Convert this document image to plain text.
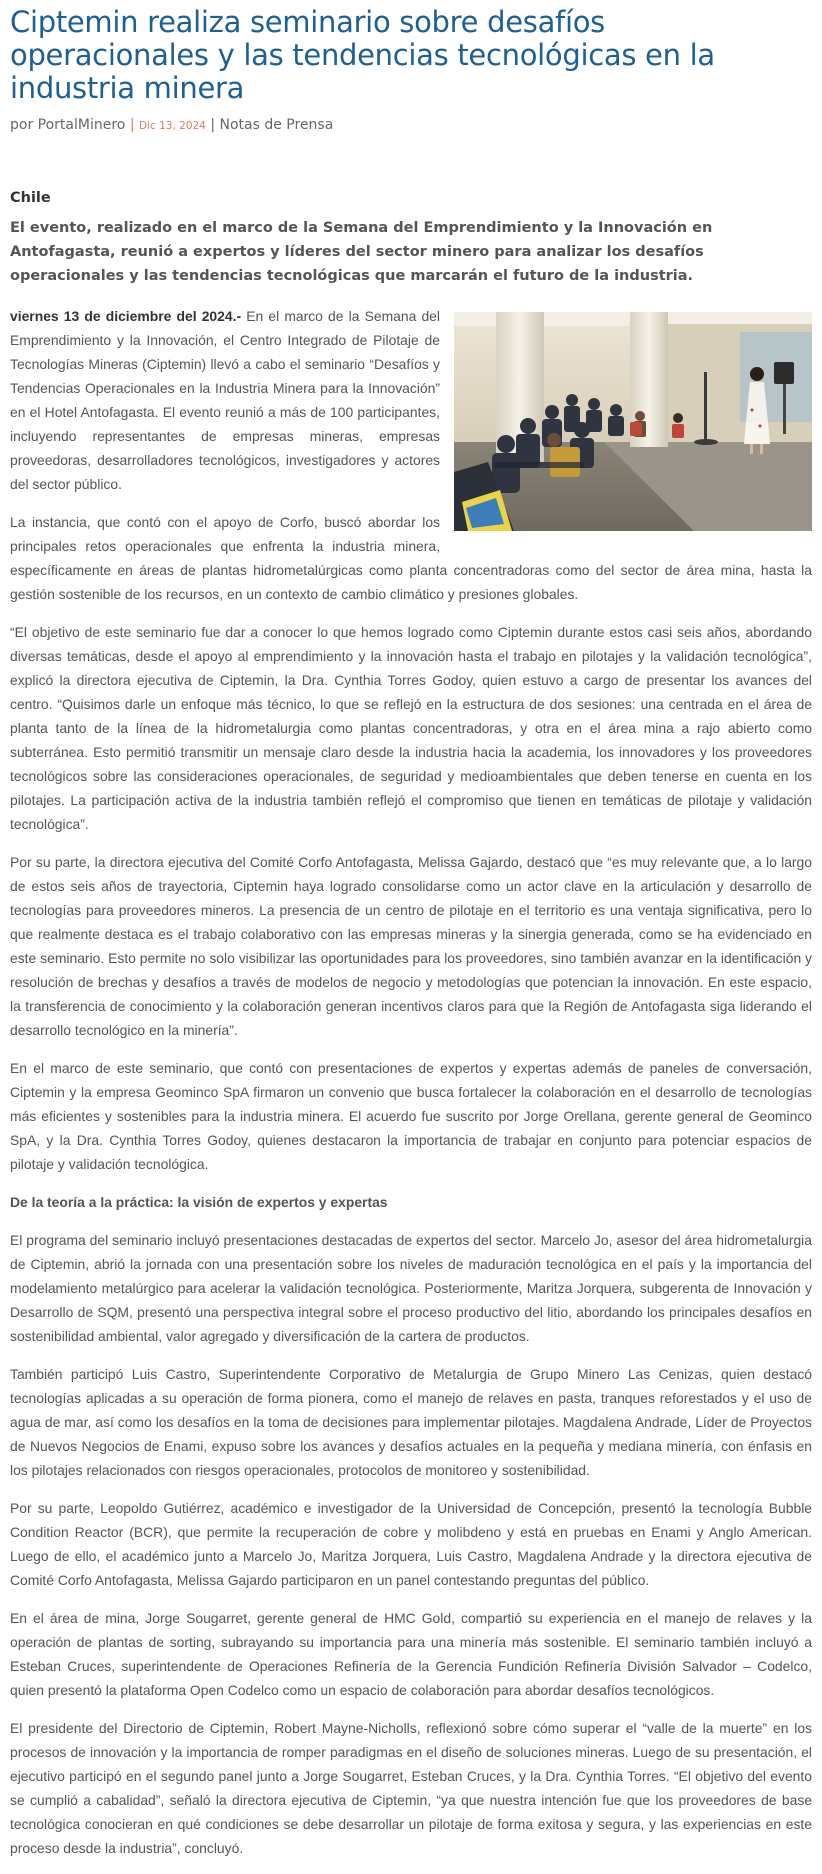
Ciptemin realiza seminario sobre desafíos operacionales y las tendencias tecnológicas en la industria minera
por PortalMinero | Dic 13, 2024 | Notas de Prensa
Chile
El evento, realizado en el marco de la Semana del Emprendimiento y la Innovación en Antofagasta, reunió a expertos y líderes del sector minero para analizar los desafíos operacionales y las tendencias tecnológicas que marcarán el futuro de la industria.

viernes 13 de diciembre del 2024.- En el marco de la Semana del Emprendimiento y la Innovación, el Centro Integrado de Pilotaje de Tecnologías Mineras (Ciptemin) llevó a cabo el seminario “Desafíos y Tendencias Operacionales en la Industria Minera para la Innovación” en el Hotel Antofagasta. El evento reunió a más de 100 participantes, incluyendo representantes de empresas mineras, empresas proveedoras, desarrolladores tecnológicos, investigadores y actores del sector público.

La instancia, que contó con el apoyo de Corfo, buscó abordar los principales retos operacionales que enfrenta la industria minera, específicamente en áreas de plantas hidrometalúrgicas como planta concentradoras como del sector de área mina, hasta la gestión sostenible de los recursos, en un contexto de cambio climático y presiones globales.

“El objetivo de este seminario fue dar a conocer lo que hemos logrado como Ciptemin durante estos casi seis años, abordando diversas temáticas, desde el apoyo al emprendimiento y la innovación hasta el trabajo en pilotajes y la validación tecnológica”, explicó la directora ejecutiva de Ciptemin, la Dra. Cynthia Torres Godoy, quien estuvo a cargo de presentar los avances del centro. “Quisimos darle un enfoque más técnico, lo que se reflejó en la estructura de dos sesiones: una centrada en el área de planta tanto de la línea de la hidrometalurgia como plantas concentradoras, y otra en el área mina a rajo abierto como subterránea. Esto permitió transmitir un mensaje claro desde la industria hacia la academia, los innovadores y los proveedores tecnológicos sobre las consideraciones operacionales, de seguridad y medioambientales que deben tenerse en cuenta en los pilotajes. La participación activa de la industria también reflejó el compromiso que tienen en temáticas de pilotaje y validación tecnológica”.

Por su parte, la directora ejecutiva del Comité Corfo Antofagasta, Melissa Gajardo, destacó que “es muy relevante que, a lo largo de estos seis años de trayectoria, Ciptemin haya logrado consolidarse como un actor clave en la articulación y desarrollo de tecnologías para proveedores mineros. La presencia de un centro de pilotaje en el territorio es una ventaja significativa, pero lo que realmente destaca es el trabajo colaborativo con las empresas mineras y la sinergia generada, como se ha evidenciado en este seminario. Esto permite no solo visibilizar las oportunidades para los proveedores, sino también avanzar en la identificación y resolución de brechas y desafíos a través de modelos de negocio y metodologías que potencian la innovación. En este espacio, la transferencia de conocimiento y la colaboración generan incentivos claros para que la Región de Antofagasta siga liderando el desarrollo tecnológico en la minería”.

En el marco de este seminario, que contó con presentaciones de expertos y expertas además de paneles de conversación, Ciptemin y la empresa Geominco SpA firmaron un convenio que busca fortalecer la colaboración en el desarrollo de tecnologías más eficientes y sostenibles para la industria minera. El acuerdo fue suscrito por Jorge Orellana, gerente general de Geominco SpA, y la Dra. Cynthia Torres Godoy, quienes destacaron la importancia de trabajar en conjunto para potenciar espacios de pilotaje y validación tecnológica.

De la teoría a la práctica: la visión de expertos y expertas

El programa del seminario incluyó presentaciones destacadas de expertos del sector. Marcelo Jo, asesor del área hidrometalurgia de Ciptemin, abrió la jornada con una presentación sobre los niveles de maduración tecnológica en el país y la importancia del modelamiento metalúrgico para acelerar la validación tecnológica. Posteriormente, Maritza Jorquera, subgerenta de Innovación y Desarrollo de SQM, presentó una perspectiva integral sobre el proceso productivo del litio, abordando los principales desafíos en sostenibilidad ambiental, valor agregado y diversificación de la cartera de productos.

También participó Luis Castro, Superintendente Corporativo de Metalurgia de Grupo Minero Las Cenizas, quien destacó tecnologías aplicadas a su operación de forma pionera, como el manejo de relaves en pasta, tranques reforestados y el uso de agua de mar, así como los desafíos en la toma de decisiones para implementar pilotajes. Magdalena Andrade, Líder de Proyectos de Nuevos Negocios de Enami, expuso sobre los avances y desafíos actuales en la pequeña y mediana minería, con énfasis en los pilotajes relacionados con riesgos operacionales, protocolos de monitoreo y sostenibilidad.

Por su parte, Leopoldo Gutiérrez, académico e investigador de la Universidad de Concepción, presentó la tecnología Bubble Condition Reactor (BCR), que permite la recuperación de cobre y molibdeno y está en pruebas en Enami y Anglo American. Luego de ello, el académico junto a Marcelo Jo, Maritza Jorquera, Luis Castro, Magdalena Andrade y la directora ejecutiva de Comité Corfo Antofagasta, Melissa Gajardo participaron en un panel contestando preguntas del público.

En el área de mina, Jorge Sougarret, gerente general de HMC Gold, compartió su experiencia en el manejo de relaves y la operación de plantas de sorting, subrayando su importancia para una minería más sostenible. El seminario también incluyó a Esteban Cruces, superintendente de Operaciones Refinería de la Gerencia Fundición Refinería División Salvador – Codelco, quien presentó la plataforma Open Codelco como un espacio de colaboración para abordar desafíos tecnológicos.

El presidente del Directorio de Ciptemin, Robert Mayne-Nicholls, reflexionó sobre cómo superar el “valle de la muerte” en los procesos de innovación y la importancia de romper paradigmas en el diseño de soluciones mineras. Luego de su presentación, el ejecutivo participó en el segundo panel junto a Jorge Sougarret, Esteban Cruces, y la Dra. Cynthia Torres. “El objetivo del evento se cumplió a cabalidad”, señaló la directora ejecutiva de Ciptemin, “ya que nuestra intención fue que los proveedores de base tecnológica conocieran en qué condiciones se debe desarrollar un pilotaje de forma exitosa y segura, y las experiencias en este proceso desde la industria”, concluyó.
